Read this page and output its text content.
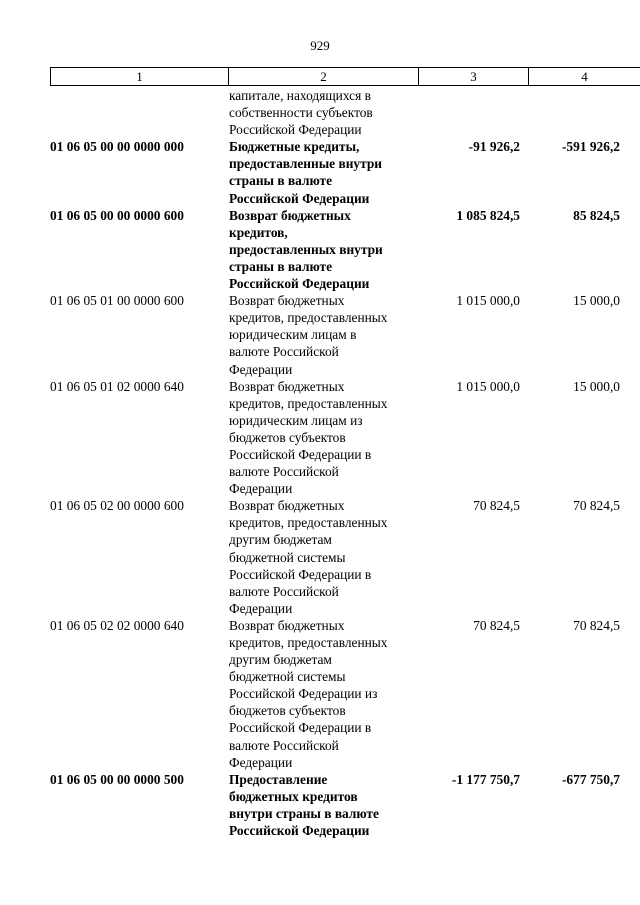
929
1	2	3	4
капитале, находящихся в
собственности субъектов
Российской Федерации
01 06 05 00 00 0000 000	Бюджетные кредиты,
предоставленные внутри
страны в валюте
Российской Федерации
-91 926,2	-591 926,2
01 06 05 00 00 0000 600	Возврат бюджетных
кредитов,
предоставленных внутри
страны в валюте
Российской Федерации
1 085 824,5	85 824,5
01 06 05 01 00 0000 600	Возврат бюджетных
кредитов, предоставленных
юридическим лицам в
валюте Российской
Федерации
1 015 000,0	15 000,0
01 06 05 01 02 0000 640	Возврат бюджетных
кредитов, предоставленных
юридическим лицам из
бюджетов субъектов
Российской Федерации в
валюте Российской
Федерации
1 015 000,0	15 000,0
01 06 05 02 00 0000 600	Возврат бюджетных
кредитов, предоставленных
другим бюджетам
бюджетной системы
Российской Федерации в
валюте Российской
Федерации
70 824,5	70 824,5
01 06 05 02 02 0000 640	Возврат бюджетных
кредитов, предоставленных
другим бюджетам
бюджетной системы
Российской Федерации из
бюджетов субъектов
Российской Федерации в
валюте Российской
Федерации
70 824,5	70 824,5
01 06 05 00 00 0000 500	Предоставление
бюджетных кредитов
внутри страны в валюте
Российской Федерации
-1 177 750,7	-677 750,7
